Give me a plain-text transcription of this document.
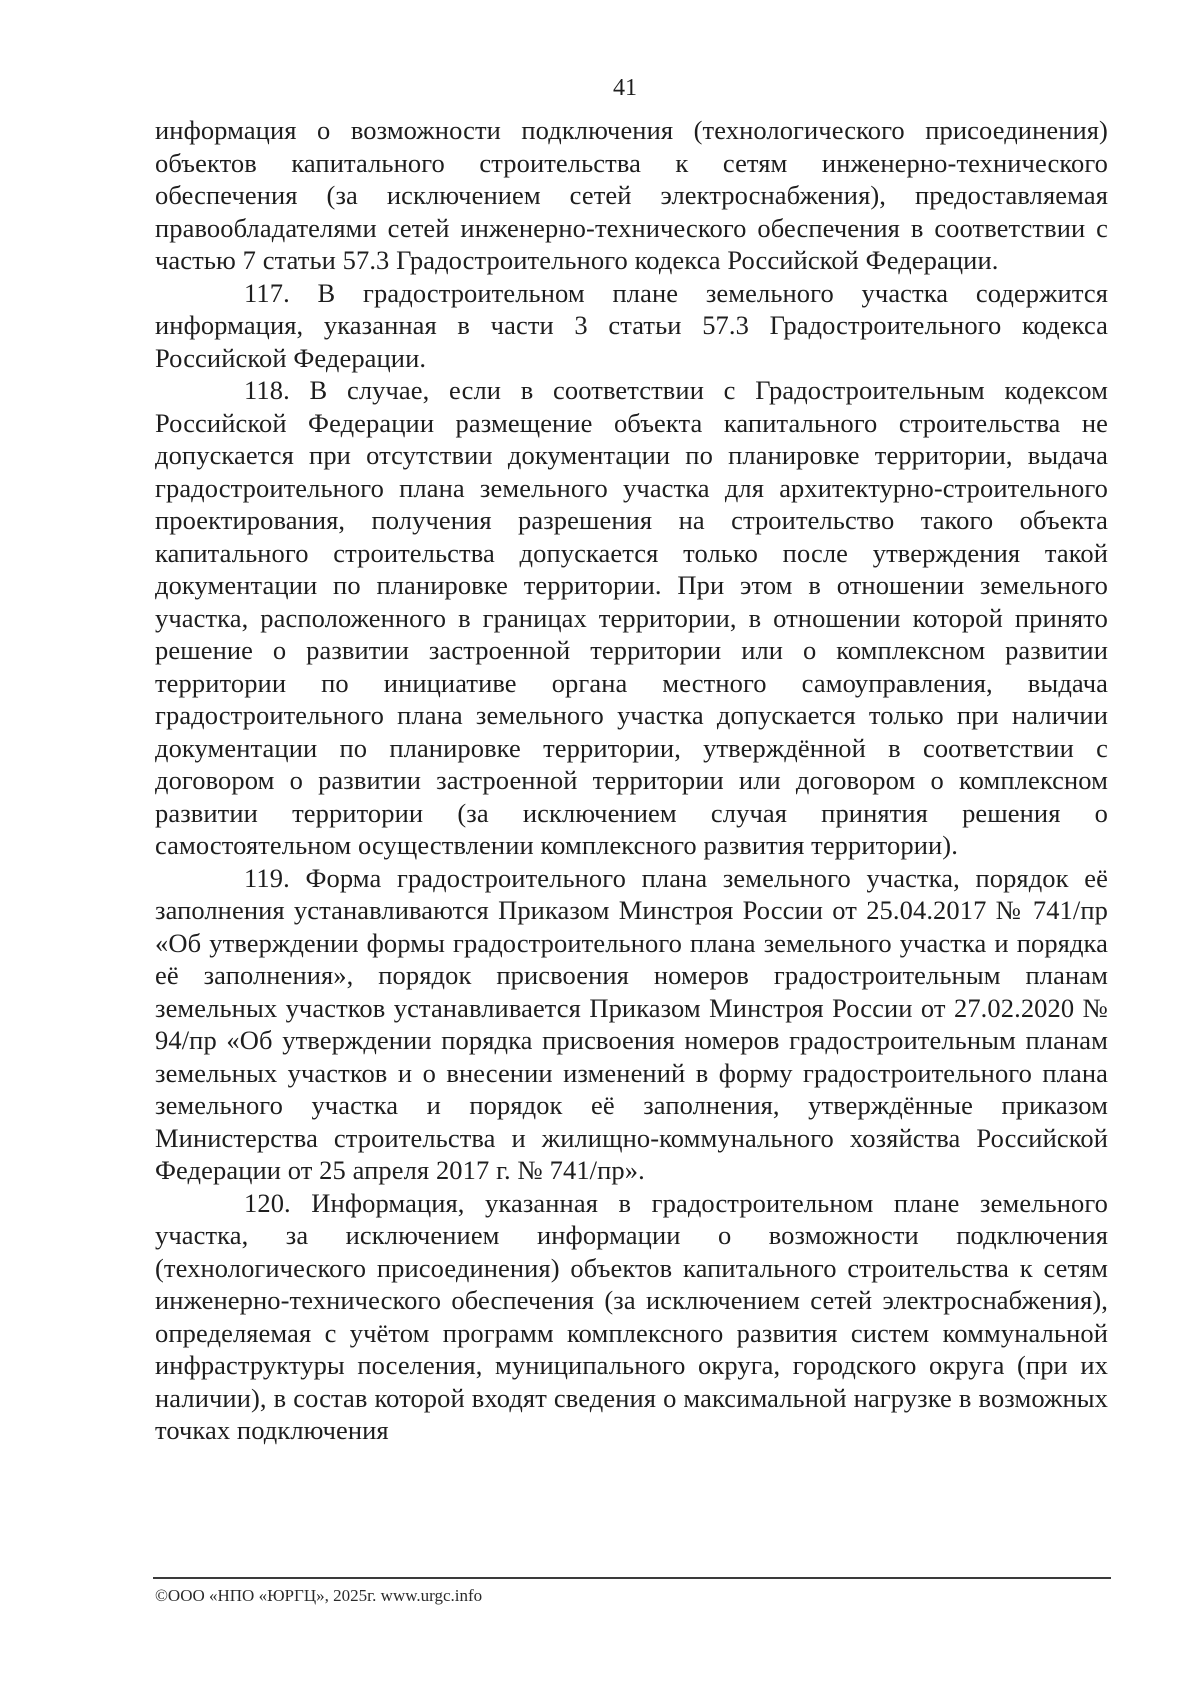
41

информация о возможности подключения (технологического присоединения) объектов капитального строительства к сетям инженерно-технического обеспечения (за исключением сетей электроснабжения), предоставляемая правообладателями сетей инженерно-технического обеспечения в соответствии с частью 7 статьи 57.3 Градостроительного кодекса Российской Федерации.

117. В градостроительном плане земельного участка содержится информация, указанная в части 3 статьи 57.3 Градостроительного кодекса Российской Федерации.

118. В случае, если в соответствии с Градостроительным кодексом Российской Федерации размещение объекта капитального строительства не допускается при отсутствии документации по планировке территории, выдача градостроительного плана земельного участка для архитектурно-строительного проектирования, получения разрешения на строительство такого объекта капитального строительства допускается только после утверждения такой документации по планировке территории. При этом в отношении земельного участка, расположенного в границах территории, в отношении которой принято решение о развитии застроенной территории или о комплексном развитии территории по инициативе органа местного самоуправления, выдача градостроительного плана земельного участка допускается только при наличии документации по планировке территории, утверждённой в соответствии с договором о развитии застроенной территории или договором о комплексном развитии территории (за исключением случая принятия решения о самостоятельном осуществлении комплексного развития территории).

119. Форма градостроительного плана земельного участка, порядок её заполнения устанавливаются Приказом Минстроя России от 25.04.2017 № 741/пр «Об утверждении формы градостроительного плана земельного участка и порядка её заполнения», порядок присвоения номеров градостроительным планам земельных участков устанавливается Приказом Минстроя России от 27.02.2020 № 94/пр «Об утверждении порядка присвоения номеров градостроительным планам земельных участков и о внесении изменений в форму градостроительного плана земельного участка и порядок её заполнения, утверждённые приказом Министерства строительства и жилищно-коммунального хозяйства Российской Федерации от 25 апреля 2017 г. № 741/пр».

120. Информация, указанная в градостроительном плане земельного участка, за исключением информации о возможности подключения (технологического присоединения) объектов капитального строительства к сетям инженерно-технического обеспечения (за исключением сетей электроснабжения), определяемая с учётом программ комплексного развития систем коммунальной инфраструктуры поселения, муниципального округа, городского округа (при их наличии), в состав которой входят сведения о максимальной нагрузке в возможных точках подключения

©ООО «НПО «ЮРГЦ», 2025г. www.urgc.info
